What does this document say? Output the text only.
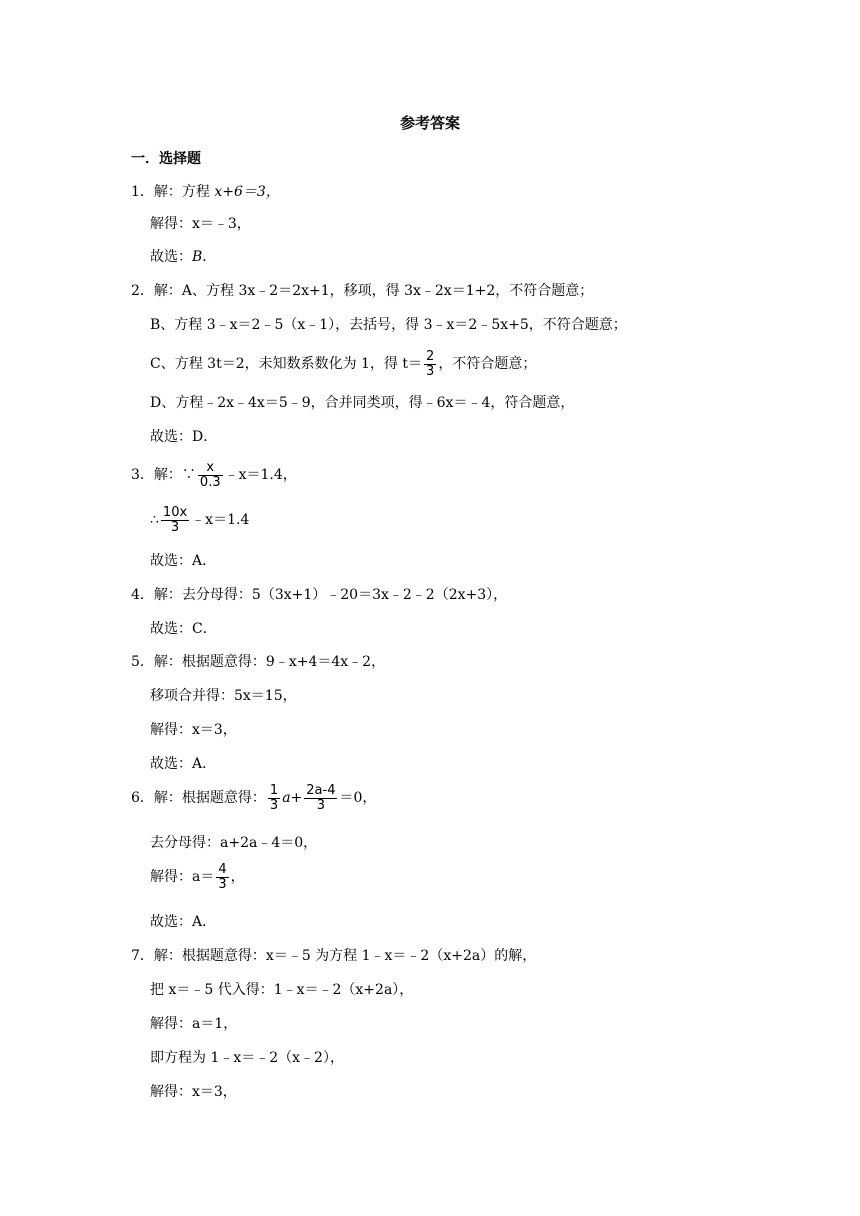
参考答案
一．选择题
1．解：方程 x+6＝3，
解得：x＝﹣3，
故选：B．
2．解：A、方程 3x﹣2＝2x+1，移项，得 3x﹣2x＝1+2，不符合题意；
B、方程 3﹣x＝2﹣5（x﹣1），去括号，得 3﹣x＝2﹣5x+5，不符合题意；
C、方程 3t＝2，未知数系数化为 1，得 $t= \frac{2}{3}$ ，不符合题意；
D、方程﹣2x﹣4x＝5﹣9，合并同类项，得﹣6x＝﹣4，符合题意，
故选：D．
3．解：∵ $\frac{x}{0.3}$ ﹣x＝1.4，
∴ $\frac{10x}{3}$ ﹣x＝1.4
故选：A．
4．解：去分母得：5（3x+1）﹣20＝3x﹣2﹣2（2x+3），
故选：C．
5．解：根据题意得：9﹣x+4＝4x﹣2，
移项合并得：5x＝15，
解得：x＝3，
故选：A．
6．解：根据题意得： $\frac{1}{3} a+ \frac{2a-4}{3} =0$，
去分母得：a+2a﹣4＝0，
解得：$a= \frac{4}{3}$ ，
故选：A．
7．解：根据题意得：x＝﹣5 为方程 1﹣x＝﹣2（x+2a）的解，
把 x＝﹣5 代入得：1﹣x＝﹣2（x+2a），
解得：a＝1，
即方程为 1﹣x＝﹣2（x﹣2），
解得：x＝3，
